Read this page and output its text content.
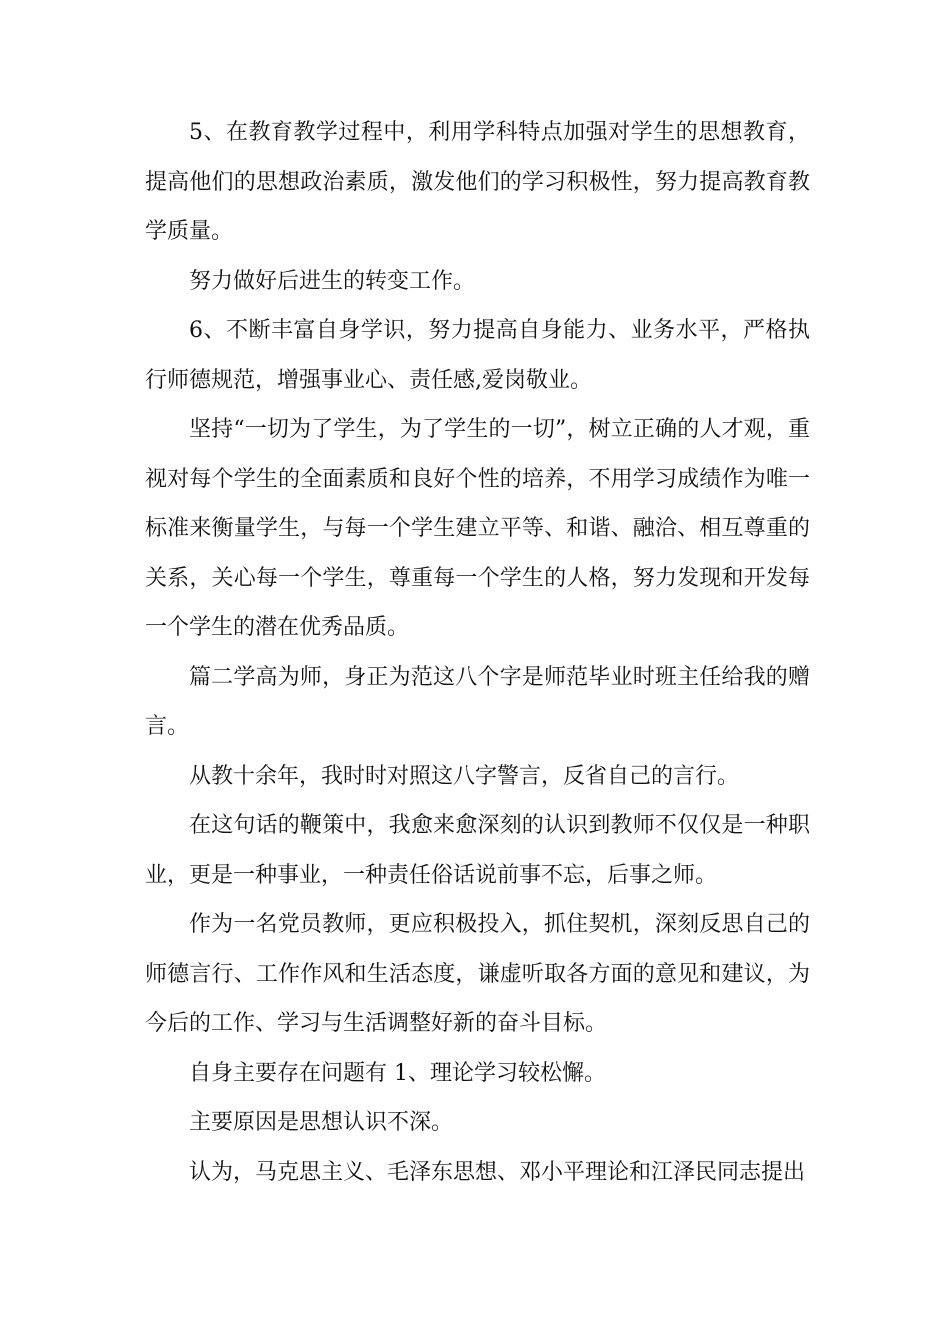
5、在教育教学过程中，利用学科特点加强对学生的思想教育，提高他们的思想政治素质，激发他们的学习积极性，努力提高教育教学质量。

努力做好后进生的转变工作。

6、不断丰富自身学识，努力提高自身能力、业务水平，严格执行师德规范，增强事业心、责任感,爱岗敬业。

坚持“一切为了学生，为了学生的一切”，树立正确的人才观，重视对每个学生的全面素质和良好个性的培养，不用学习成绩作为唯一标准来衡量学生，与每一个学生建立平等、和谐、融洽、相互尊重的关系，关心每一个学生，尊重每一个学生的人格，努力发现和开发每一个学生的潜在优秀品质。

篇二学高为师，身正为范这八个字是师范毕业时班主任给我的赠言。

从教十余年，我时时对照这八字警言，反省自己的言行。

在这句话的鞭策中，我愈来愈深刻的认识到教师不仅仅是一种职业，更是一种事业，一种责任俗话说前事不忘，后事之师。

作为一名党员教师，更应积极投入，抓住契机，深刻反思自己的师德言行、工作作风和生活态度，谦虚听取各方面的意见和建议，为今后的工作、学习与生活调整好新的奋斗目标。

自身主要存在问题有 1、理论学习较松懈。

主要原因是思想认识不深。

认为，马克思主义、毛泽东思想、邓小平理论和江泽民同志提出
